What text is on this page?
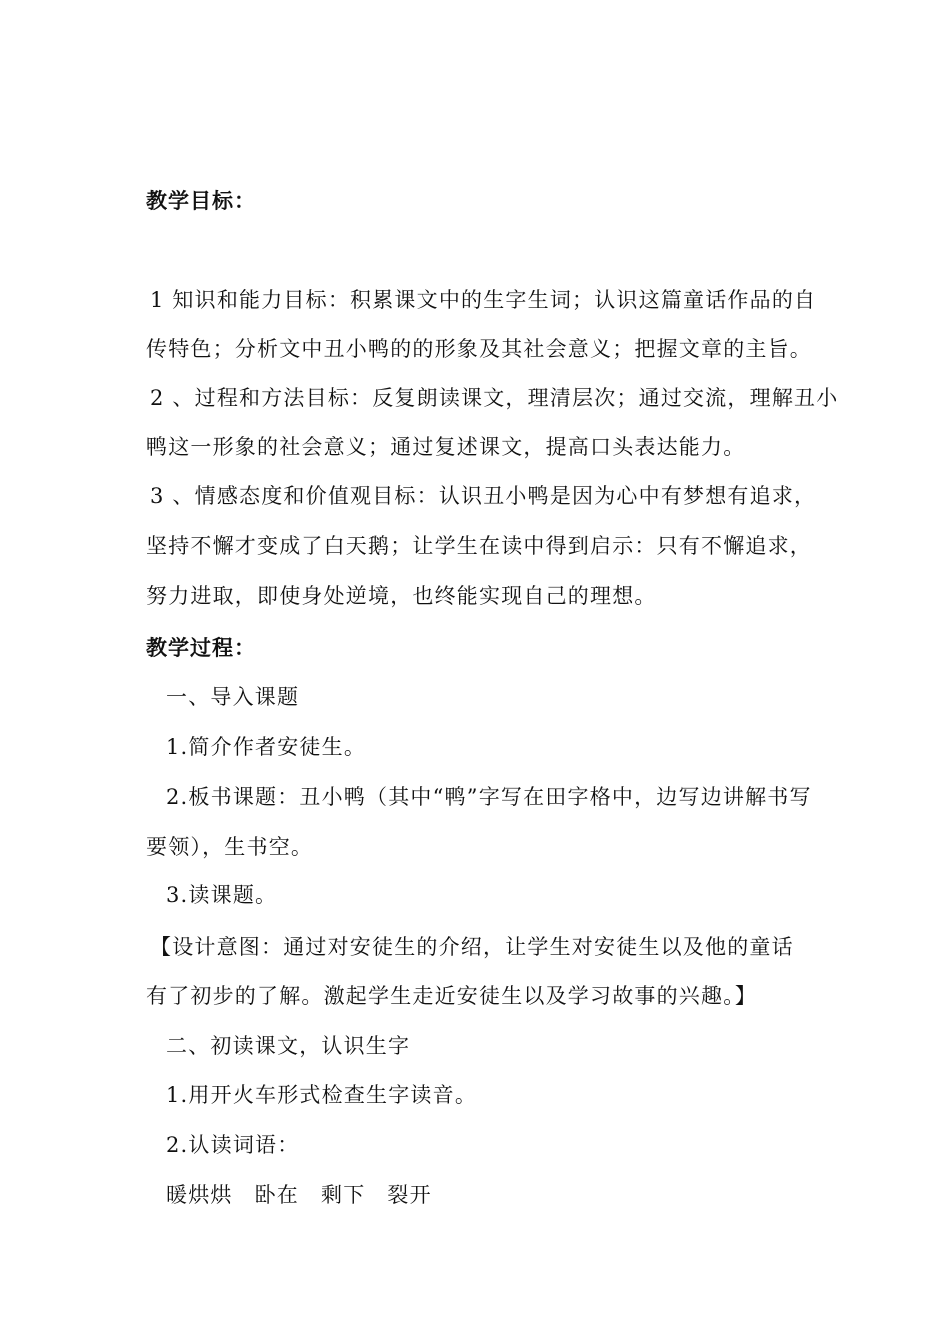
教学目标：
1 知识和能力目标：积累课文中的生字生词；认识这篇童话作品的自
传特色；分析文中丑小鸭的的形象及其社会意义；把握文章的主旨。
2 、过程和方法目标：反复朗读课文，理清层次；通过交流，理解丑小
鸭这一形象的社会意义；通过复述课文，提高口头表达能力。
3 、情感态度和价值观目标：认识丑小鸭是因为心中有梦想有追求，
坚持不懈才变成了白天鹅；让学生在读中得到启示：只有不懈追求，
努力进取，即使身处逆境，也终能实现自己的理想。
教学过程：
一、导入课题
1.简介作者安徒生。
2.板书课题：丑小鸭（其中“鸭”字写在田字格中，边写边讲解书写
要领），生书空。
3.读课题。
【设计意图：通过对安徒生的介绍，让学生对安徒生以及他的童话
有了初步的了解。激起学生走近安徒生以及学习故事的兴趣。】
二、初读课文，认识生字
1.用开火车形式检查生字读音。
2.认读词语：
暖烘烘 卧在 剩下 裂开
